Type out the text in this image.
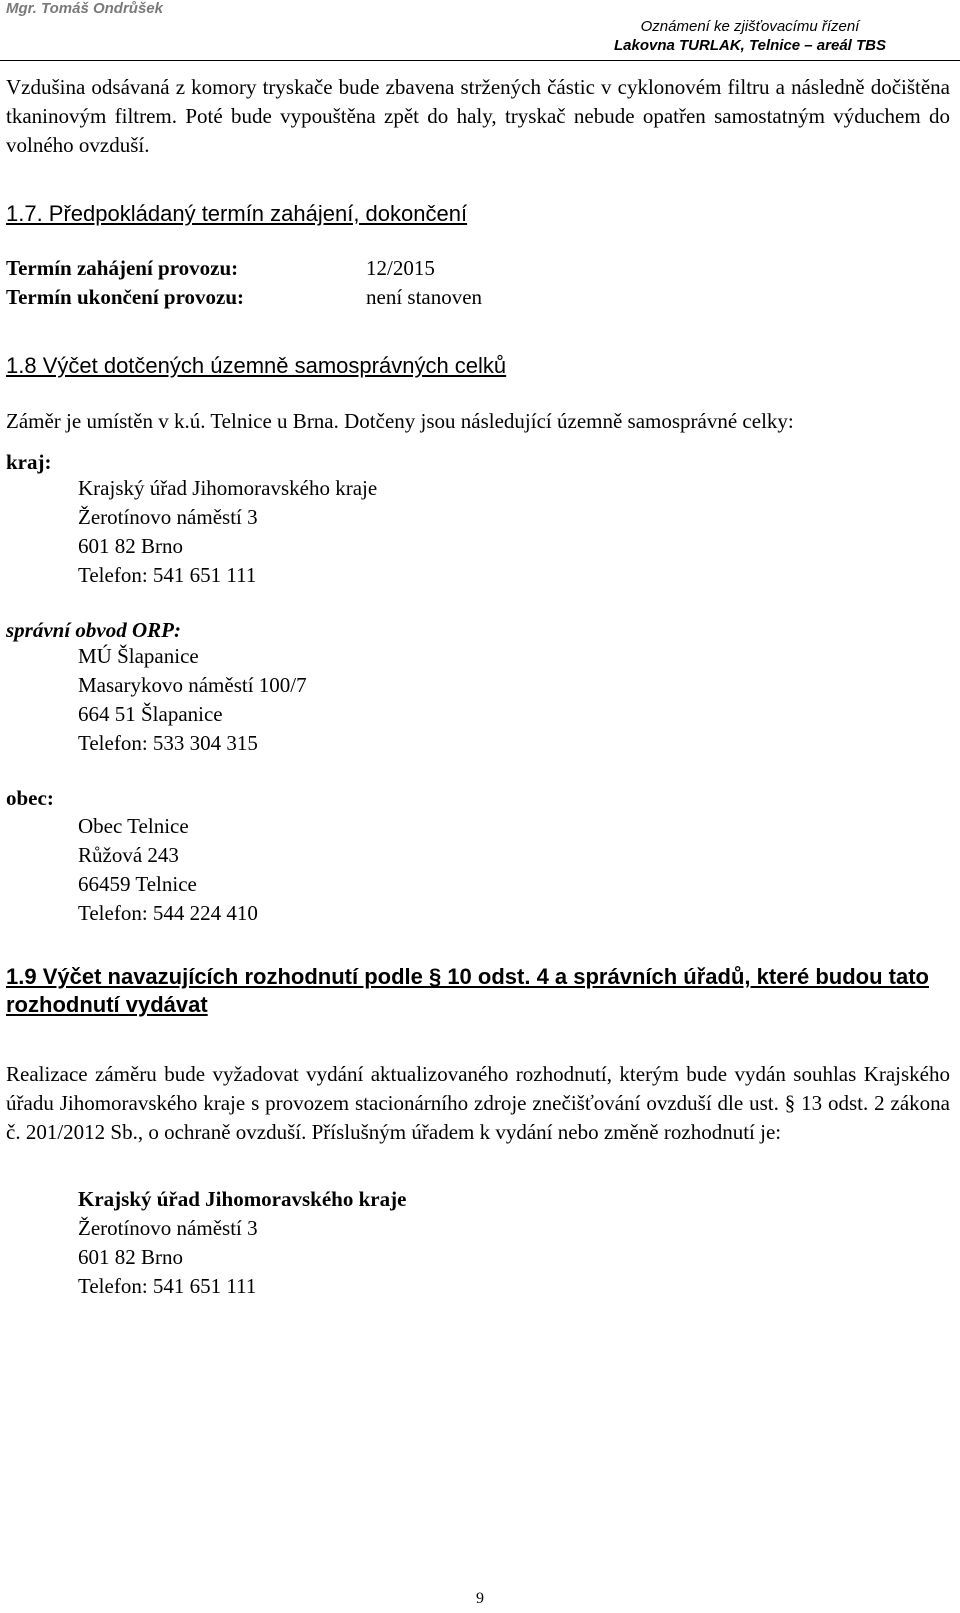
Mgr. Tomáš Ondrůšek
Oznámení ke zjišťovacímu řízení
Lakovna TURLAK, Telnice – areál TBS

Vzdušina odsávaná z komory tryskače bude zbavena stržených částic v cyklonovém filtru a následně dočištěna tkaninovým filtrem. Poté bude vypouštěna zpět do haly, tryskač nebude opatřen samostatným výduchem do volného ovzduší.

1.7. Předpokládaný termín zahájení, dokončení

Termín zahájení provozu:	12/2015
Termín ukončení provozu:	není stanoven

1.8 Výčet dotčených územně samosprávných celků

Záměr je umístěn v k.ú. Telnice u Brna. Dotčeny jsou následující územně samosprávné celky:
kraj:
Krajský úřad Jihomoravského kraje
Žerotínovo náměstí 3
601 82 Brno
Telefon: 541 651 111
správní obvod ORP:
MÚ Šlapanice
Masarykovo náměstí 100/7
664 51 Šlapanice
Telefon: 533 304 315
obec:
Obec Telnice
Růžová 243
66459 Telnice
Telefon: 544 224 410

1.9 Výčet navazujících rozhodnutí podle § 10 odst. 4 a správních úřadů, které budou tato rozhodnutí vydávat

Realizace záměru bude vyžadovat vydání aktualizovaného rozhodnutí, kterým bude vydán souhlas Krajského úřadu Jihomoravského kraje s provozem stacionárního zdroje znečišťování ovzduší dle ust. § 13 odst. 2 zákona č. 201/2012 Sb., o ochraně ovzduší. Příslušným úřadem k vydání nebo změně rozhodnutí je:

Krajský úřad Jihomoravského kraje
Žerotínovo náměstí 3
601 82 Brno
Telefon: 541 651 111
9
